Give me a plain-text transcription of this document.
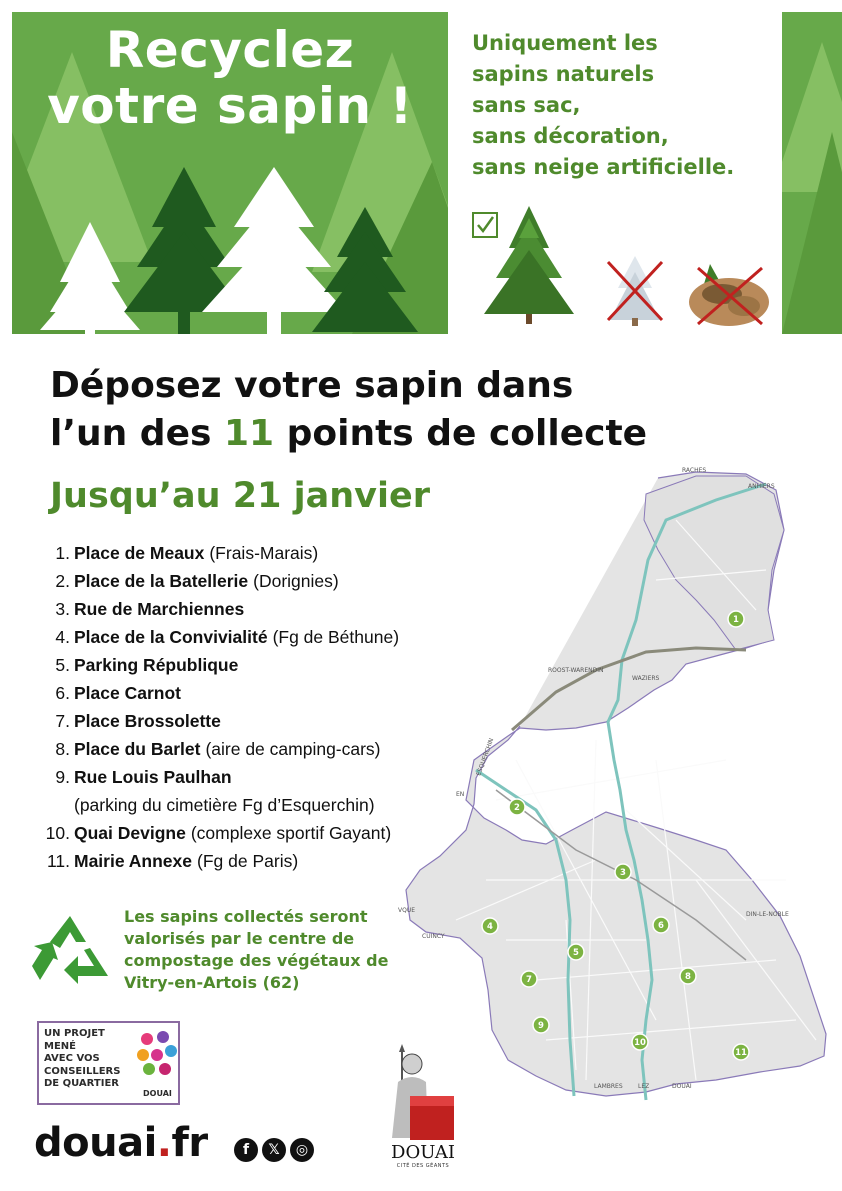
Recyclez
votre sapin !
Uniquement les
sapins naturels
sans sac,
sans décoration,
sans neige artificielle.
Déposez votre sapin dans
l’un des 11 points de collecte
Jusqu’au 21 janvier
1. Place de Meaux (Frais-Marais)
2. Place de la Batellerie (Dorignies)
3. Rue de Marchiennes
4. Place de la Convivialité (Fg de Béthune)
5. Parking République
6. Place Carnot
7. Place Brossolette
8. Place du Barlet (aire de camping-cars)
9. Rue Louis Paulhan
(parking du cimetière Fg d’Esquerchin)
10. Quai Devigne (complexe sportif Gayant)
11. Mairie Annexe (Fg de Paris)
Les sapins collectés seront valorisés par le centre de compostage des végétaux de Vitry-en-Artois (62)
UN PROJET
MENÉ
AVEC VOS
CONSEILLERS
DE QUARTIER
DOUAI
douai.fr	f	𝕏	◎	DOUAI
CITÉ DES GÉANTS
RACHES
ANHIERS
ROOST-WARENDIN
WAZIERS
ESQUERCHIN
EN
CUINCY
DIN-LE-NOBLE
LAMBRES	LEZ	DOUAI
VQUE
1
2
3
4
5
6
7	8
9
10
11
